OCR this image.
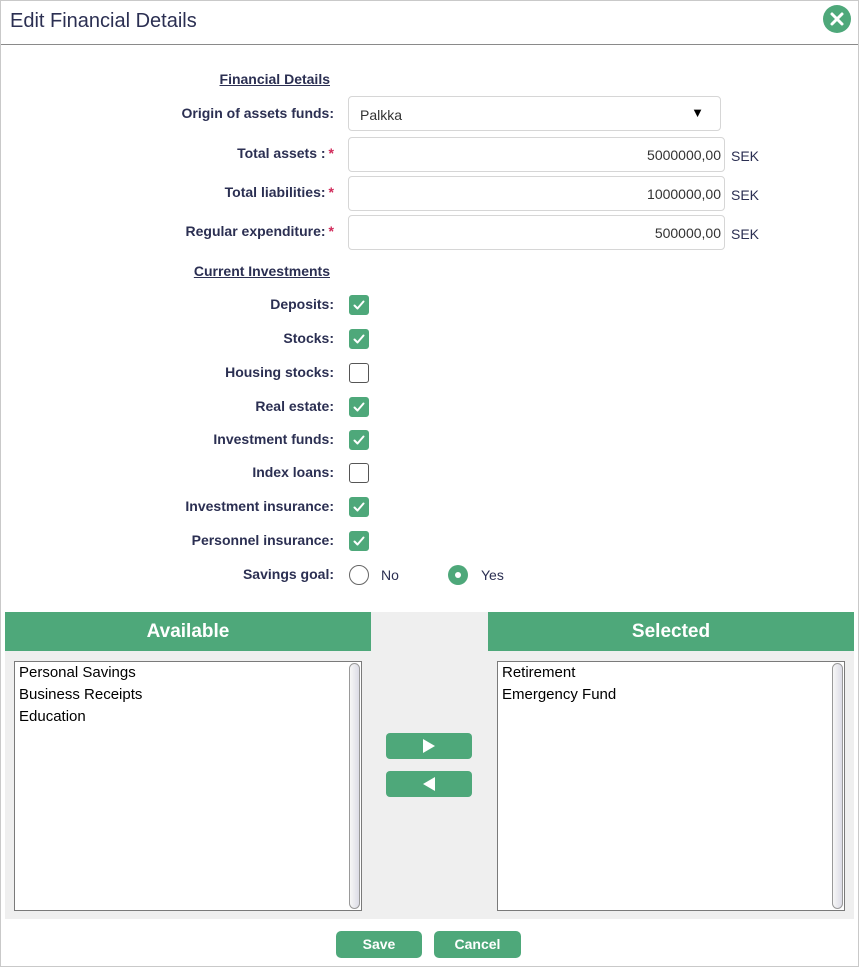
Edit Financial Details
Financial Details
Origin of assets funds: Palkka	▼
Total assets : *
5000000,00	SEK
Total liabilities: *
1000000,00	SEK
Regular expenditure: *
500000,00	SEK
Current Investments
Deposits:
Stocks:
Housing stocks:
Real estate:
Investment funds:
Index loans:
Investment insurance:
Personnel insurance:
Savings goal:	No	Yes
Available	Selected
Personal Savings
Business Receipts
Education
Retirement
Emergency Fund
Save	Cancel
